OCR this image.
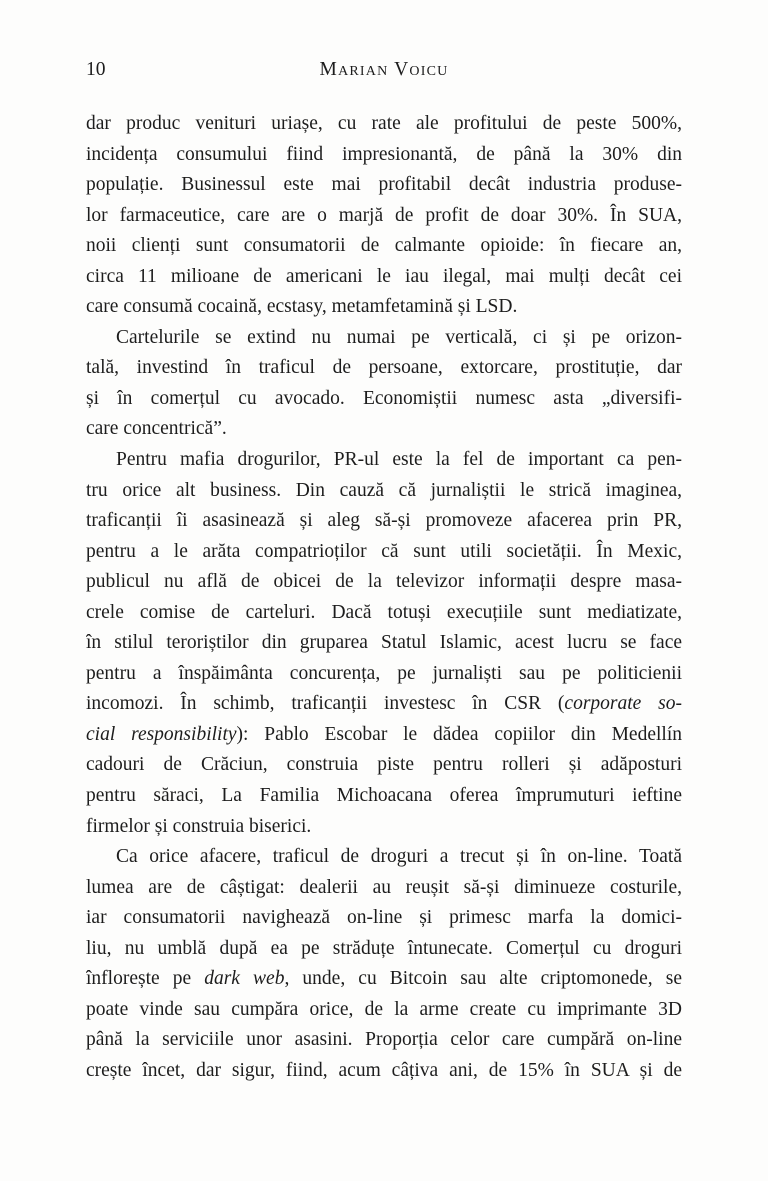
10	Marian Voicu
dar produc venituri uriașe, cu rate ale profitului de peste 500%,
incidența consumului fiind impresionantă, de până la 30% din
populație. Businessul este mai profitabil decât industria produse-
lor farmaceutice, care are o marjă de profit de doar 30%. În SUA,
noii clienți sunt consumatorii de calmante opioide: în fiecare an,
circa 11 milioane de americani le iau ilegal, mai mulți decât cei
care consumă cocaină, ecstasy, metamfetamină și LSD.
Cartelurile se extind nu numai pe verticală, ci și pe orizon-
tală, investind în traficul de persoane, extorcare, prostituție, dar
și în comerțul cu avocado. Economiștii numesc asta „diversifi-
care concentrică”.
Pentru mafia drogurilor, PR-ul este la fel de important ca pen-
tru orice alt business. Din cauză că jurnaliștii le strică imaginea,
traficanții îi asasinează și aleg să-și promoveze afacerea prin PR,
pentru a le arăta compatrioților că sunt utili societății. În Mexic,
publicul nu află de obicei de la televizor informații despre masa-
crele comise de carteluri. Dacă totuși execuțiile sunt mediatizate,
în stilul teroriștilor din gruparea Statul Islamic, acest lucru se face
pentru a înspăimânta concurența, pe jurnaliști sau pe politicienii
incomozi. În schimb, traficanții investesc în CSR (corporate so-
cial responsibility): Pablo Escobar le dădea copiilor din Medellín
cadouri de Crăciun, construia piste pentru rolleri și adăposturi
pentru săraci, La Familia Michoacana oferea împrumuturi ieftine
firmelor și construia biserici.
Ca orice afacere, traficul de droguri a trecut și în on-line. Toată
lumea are de câștigat: dealerii au reușit să-și diminueze costurile,
iar consumatorii navighează on-line și primesc marfa la domici-
liu, nu umblă după ea pe străduțe întunecate. Comerțul cu droguri
înflorește pe dark web, unde, cu Bitcoin sau alte criptomonede, se
poate vinde sau cumpăra orice, de la arme create cu imprimante 3D
până la serviciile unor asasini. Proporția celor care cumpără on-line
crește încet, dar sigur, fiind, acum câțiva ani, de 15% în SUA și de
